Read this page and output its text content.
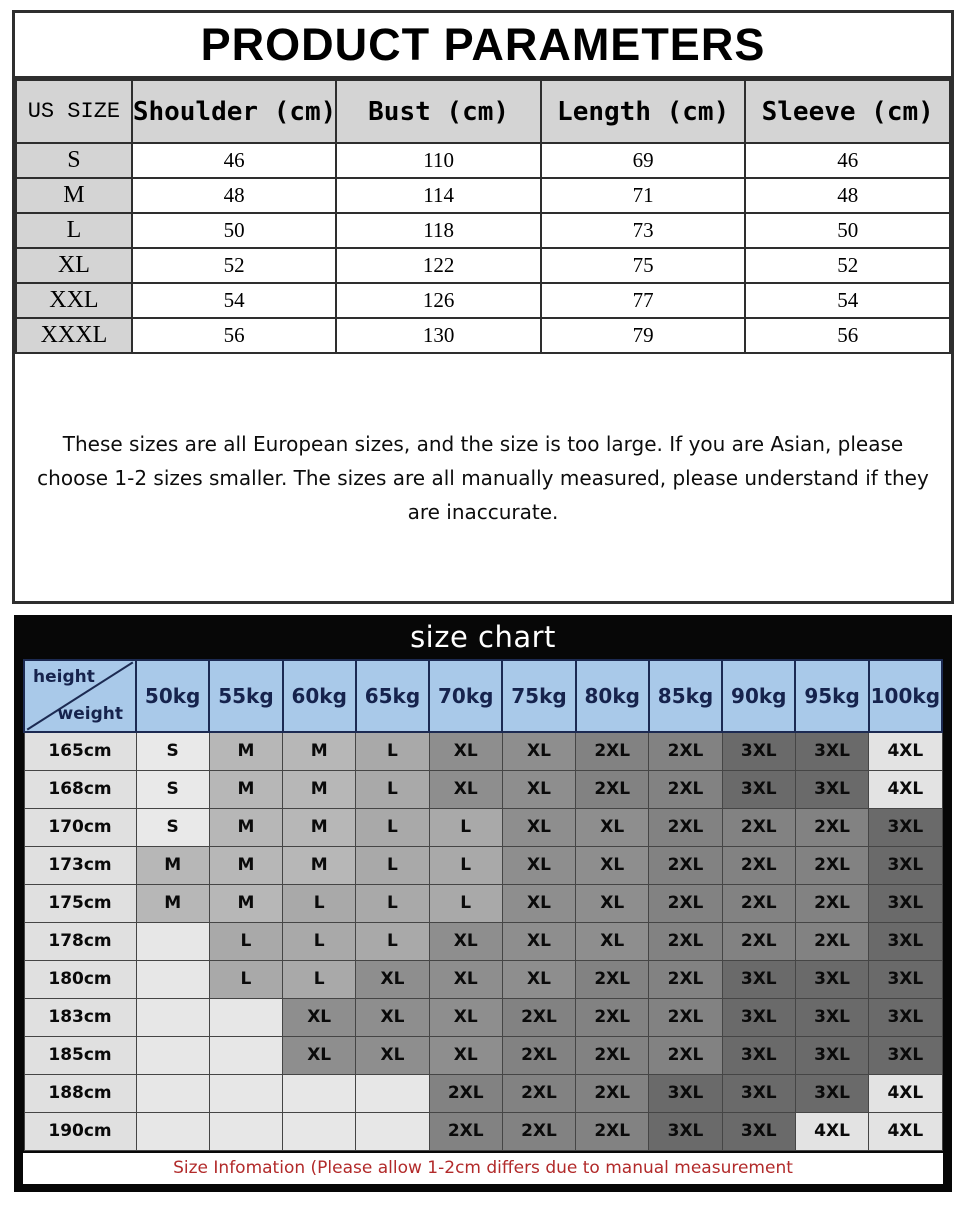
PRODUCT PARAMETERS
US SIZE	Shoulder (cm)	Bust (cm)	Length (cm)	Sleeve (cm)
S	46	110	69	46
M	48	114	71	48
L	50	118	73	50
XL	52	122	75	52
XXL	54	126	77	54
XXXL	56	130	79	56
These sizes are all European sizes, and the size is too large. If you are Asian, please choose 1-2 sizes smaller. The sizes are all manually measured, please understand if they are inaccurate.
size chart
height
weight	50kg	55kg	60kg	65kg	70kg	75kg	80kg	85kg	90kg	95kg	100kg
165cm	S	M	M	L	XL	XL	2XL	2XL	3XL	3XL	4XL
168cm	S	M	M	L	XL	XL	2XL	2XL	3XL	3XL	4XL
170cm	S	M	M	L	L	XL	XL	2XL	2XL	2XL	3XL
173cm	M	M	M	L	L	XL	XL	2XL	2XL	2XL	3XL
175cm	M	M	L	L	L	XL	XL	2XL	2XL	2XL	3XL
178cm		L	L	L	XL	XL	XL	2XL	2XL	2XL	3XL
180cm		L	L	XL	XL	XL	2XL	2XL	3XL	3XL	3XL
183cm			XL	XL	XL	2XL	2XL	2XL	3XL	3XL	3XL
185cm			XL	XL	XL	2XL	2XL	2XL	3XL	3XL	3XL
188cm					2XL	2XL	2XL	3XL	3XL	3XL	4XL
190cm					2XL	2XL	2XL	3XL	3XL	4XL	4XL
Size Infomation (Please allow 1-2cm differs due to manual measurement
